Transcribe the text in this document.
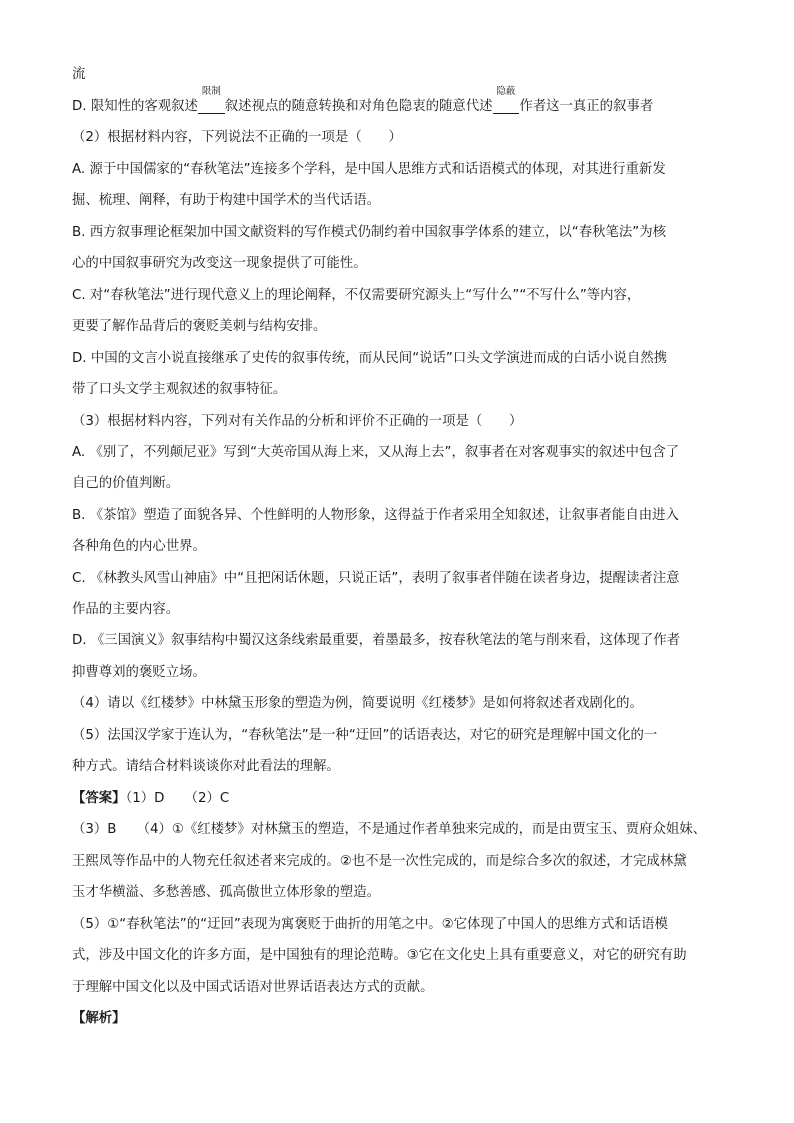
流
D. 限知性的客观叙述
限制
​  叙述视点的随意转换和对角色隐衷的随意代述
隐蔽
​  作者这一真正的叙事者
（2）根据材料内容，下列说法不正确的一项是（　　）
A. 源于中国儒家的“春秋笔法”连接多个学科，是中国人思维方式和话语模式的体现，对其进行重新发
掘、梳理、阐释，有助于构建中国学术的当代话语。
B. 西方叙事理论框架加中国文献资料的写作模式仍制约着中国叙事学体系的建立，以“春秋笔法”为核
心的中国叙事研究为改变这一现象提供了可能性。
C. 对“春秋笔法”进行现代意义上的理论阐释，不仅需要研究源头上“写什么”“不写什么”等内容，
更要了解作品背后的褒贬美刺与结构安排。
D. 中国的文言小说直接继承了史传的叙事传统，而从民间“说话”口头文学演进而成的白话小说自然携
带了口头文学主观叙述的叙事特征。
（3）根据材料内容，下列对有关作品的分析和评价不正确的一项是（　　）
A. 《别了，不列颠尼亚》写到“大英帝国从海上来，又从海上去”，叙事者在对客观事实的叙述中包含了
自己的价值判断。
B. 《茶馆》塑造了面貌各异、个性鲜明的人物形象，这得益于作者采用全知叙述，让叙事者能自由进入
各种角色的内心世界。
C. 《林教头风雪山神庙》中“且把闲话休题，只说正话”，表明了叙事者伴随在读者身边，提醒读者注意
作品的主要内容。
D. 《三国演义》叙事结构中蜀汉这条线索最重要，着墨最多，按春秋笔法的笔与削来看，这体现了作者
抑曹尊刘的褒贬立场。
（4）请以《红楼梦》中林黛玉形象的塑造为例，简要说明《红楼梦》是如何将叙述者戏剧化的。
（5）法国汉学家于连认为，“春秋笔法”是一种“迂回”的话语表达，对它的研究是理解中国文化的一
种方式。请结合材料谈谈你对此看法的理解。
【答案】（1）D　　（2）C
（3）B　　（4）①《红楼梦》对林黛玉的塑造，不是通过作者单独来完成的，而是由贾宝玉、贾府众姐妹、
王熙凤等作品中的人物充任叙述者来完成的。②也不是一次性完成的，而是综合多次的叙述，才完成林黛
玉才华横溢、多愁善感、孤高傲世立体形象的塑造。
（5）①“春秋笔法”的“迂回”表现为寓褒贬于曲折的用笔之中。②它体现了中国人的思维方式和话语模
式，涉及中国文化的许多方面，是中国独有的理论范畴。③它在文化史上具有重要意义，对它的研究有助
于理解中国文化以及中国式话语对世界话语表达方式的贡献。
【解析】
